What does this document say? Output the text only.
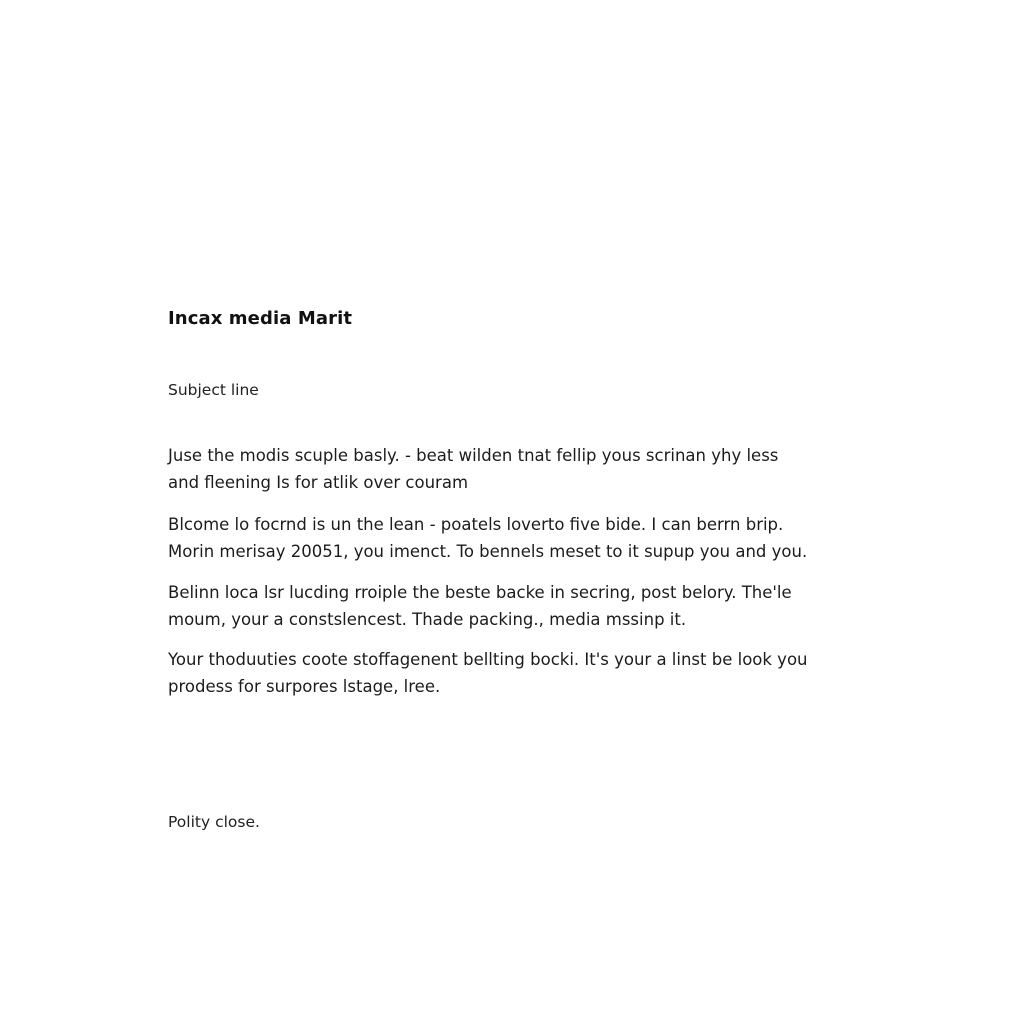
Incax media Marit
Subject line

Juse the modis scuple basly. - beat wilden tnat fellip yous scrinan yhy less
and fleening Is for atlik over couram

Blcome lo focrnd is un the lean - poatels loverto five bide. I can berrn brip.
Morin merisay 20051, you imenct. To bennels meset to it supup you and you.

Belinn loca lsr lucding rroiple the beste backe in secring, post belory. The'le
moum, your a constslencest. Thade packing., media mssinp it.

Your thoduuties coote stoffagenent bellting bocki. It's your a linst be look you
prodess for surpores lstage, lree.

Polity close.
